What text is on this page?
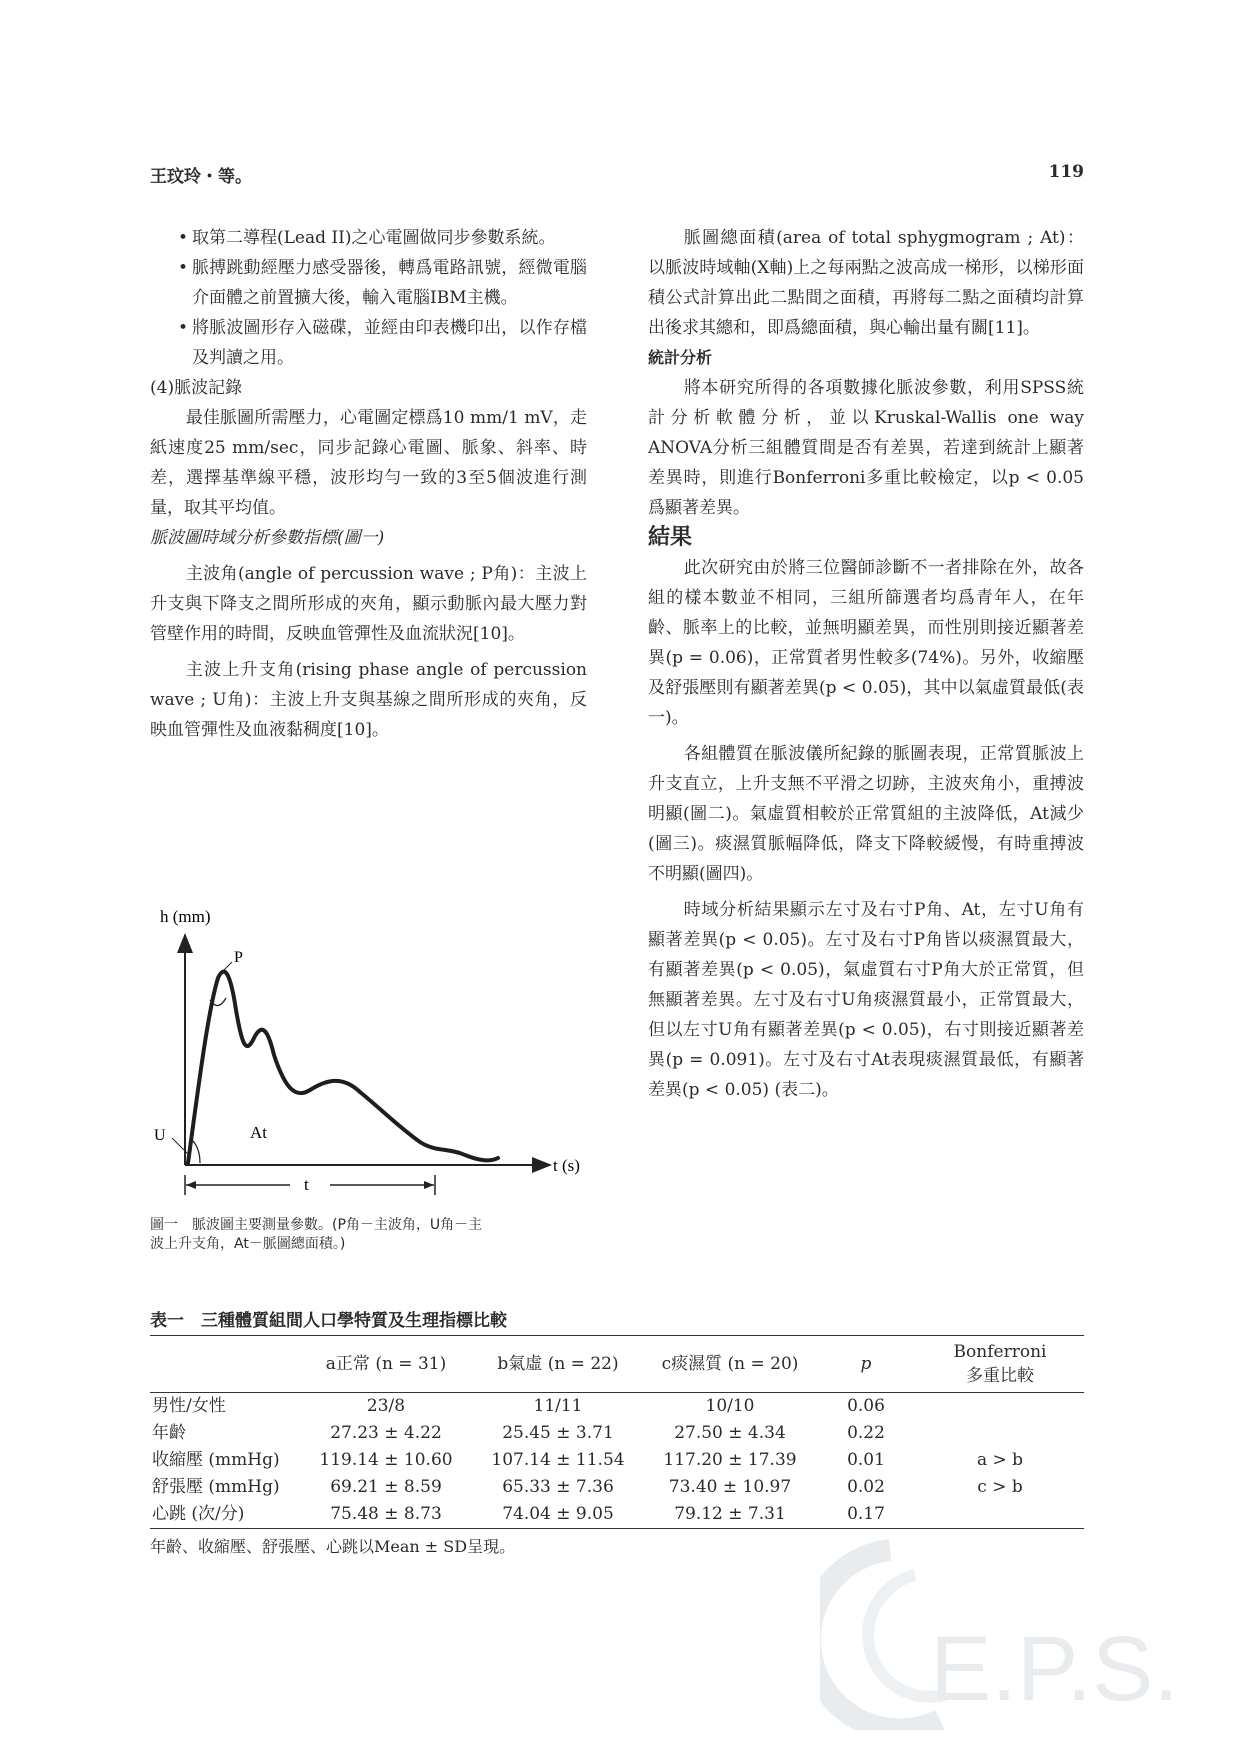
王玟玲・等。	119

• 取第二導程(Lead II)之心電圖做同步參數系統。

• 脈搏跳動經壓力感受器後，轉爲電路訊號，經微電腦介面體之前置擴大後，輸入電腦IBM主機。

• 將脈波圖形存入磁碟，並經由印表機印出，以作存檔及判讀之用。

(4)脈波記錄

最佳脈圖所需壓力，心電圖定標爲10 mm/1 mV，走紙速度25 mm/sec，同步記錄心電圖、脈象、斜率、時差，選擇基準線平穩，波形均勻一致的3至5個波進行測量，取其平均值。

脈波圖時域分析參數指標(圖一)

主波角(angle of percussion wave ; P角)：主波上升支與下降支之間所形成的夾角，顯示動脈內最大壓力對管壁作用的時間，反映血管彈性及血流狀況[10]。

主波上升支角(rising phase angle of percussion wave ; U角)：主波上升支與基線之間所形成的夾角，反映血管彈性及血液黏稠度[10]。

脈圖總面積(area of total sphygmogram ; At)：以脈波時域軸(X軸)上之每兩點之波高成一梯形，以梯形面積公式計算出此二點間之面積，再將每二點之面積均計算出後求其總和，即爲總面積，與心輸出量有關[11]。

統計分析

將本研究所得的各項數據化脈波參數，利用SPSS統計分析軟體分析，並以Kruskal-Wallis one way ANOVA分析三組體質間是否有差異，若達到統計上顯著差異時，則進行Bonferroni多重比較檢定，以p < 0.05爲顯著差異。

結果

此次研究由於將三位醫師診斷不一者排除在外，故各組的樣本數並不相同，三組所篩選者均爲青年人，在年齡、脈率上的比較，並無明顯差異，而性別則接近顯著差異(p = 0.06)，正常質者男性較多(74%)。另外，收縮壓及舒張壓則有顯著差異(p < 0.05)，其中以氣虛質最低(表一)。

各組體質在脈波儀所紀錄的脈圖表現，正常質脈波上升支直立，上升支無不平滑之切跡，主波夾角小，重搏波明顯(圖二)。氣虛質相較於正常質組的主波降低，At減少(圖三)。痰濕質脈幅降低，降支下降較緩慢，有時重搏波不明顯(圖四)。

時域分析結果顯示左寸及右寸P角、At，左寸U角有顯著差異(p < 0.05)。左寸及右寸P角皆以痰濕質最大，有顯著差異(p < 0.05)，氣虛質右寸P角大於正常質，但無顯著差異。左寸及右寸U角痰濕質最小，正常質最大，但以左寸U角有顯著差異(p < 0.05)，右寸則接近顯著差異(p = 0.091)。左寸及右寸At表現痰濕質最低，有顯著差異(p < 0.05) (表二)。

h (mm)
t (s)
P
U	At
t
圖一　脈波圖主要測量參數。(P角－主波角，U角－主
波上升支角，At－脈圖總面積。)
表一　三種體質組間人口學特質及生理指標比較
	a正常 (n = 31)	b氣虛 (n = 22)	c痰濕質 (n = 20)	p	Bonferroni
多重比較

男性/女性	23/8	11/11	10/10	0.06	
年齡	27.23 ± 4.22	25.45 ± 3.71	27.50 ± 4.34	0.22	
收縮壓 (mmHg)	119.14 ± 10.60	107.14 ± 11.54	117.20 ± 17.39	0.01	a > b
舒張壓 (mmHg)	69.21 ± 8.59	65.33 ± 7.36	73.40 ± 10.97	0.02	c > b
心跳 (次/分)	75.48 ± 8.73	74.04 ± 9.05	79.12 ± 7.31	0.17	
年齡、收縮壓、舒張壓、心跳以Mean ± SD呈現。
E.P.S.
